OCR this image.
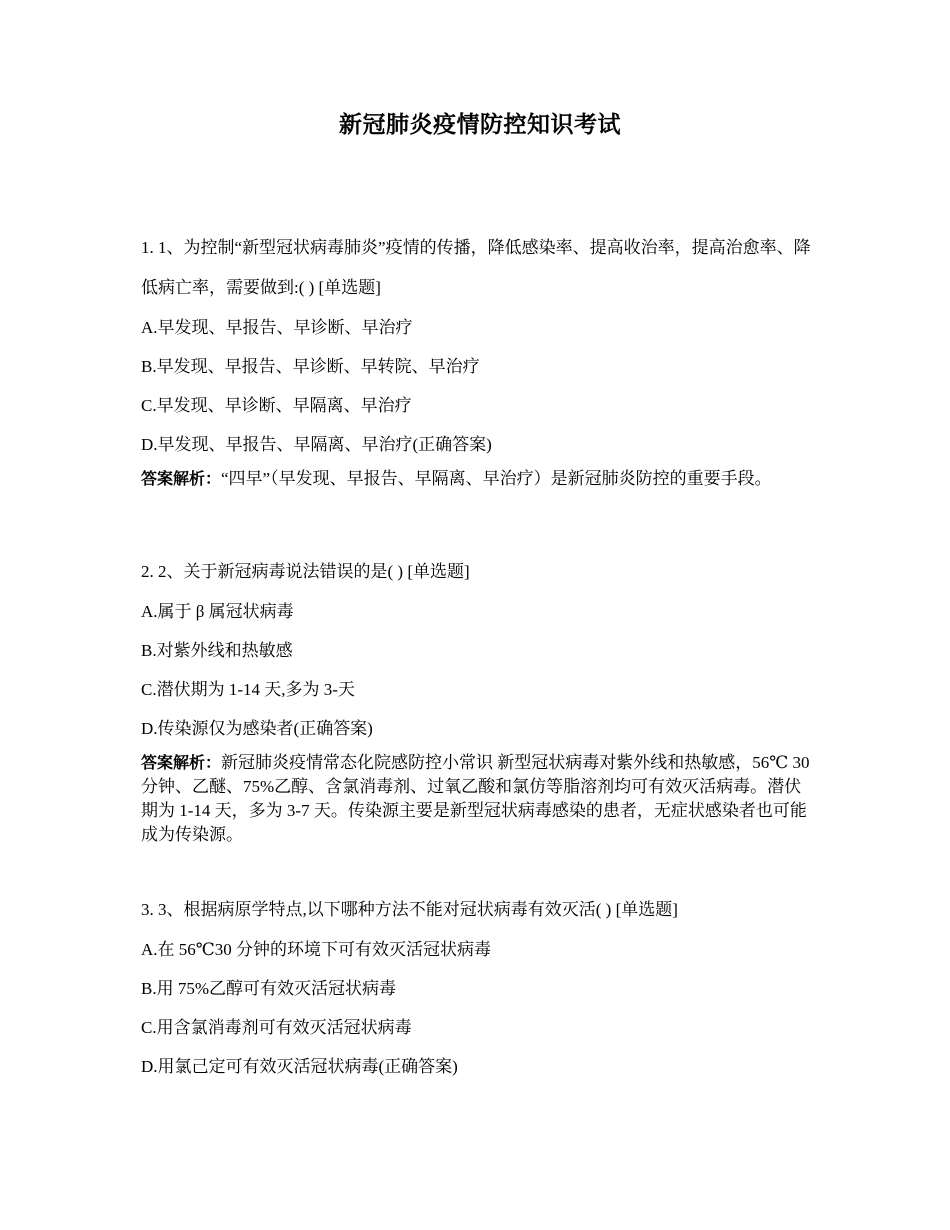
新冠肺炎疫情防控知识考试

1. 1、为控制“新型冠状病毒肺炎”疫情的传播，降低感染率、提高收治率，提高治愈率、降低病亡率，需要做到:( ) [单选题]

A.早发现、早报告、早诊断、早治疗

B.早发现、早报告、早诊断、早转院、早治疗

C.早发现、早诊断、早隔离、早治疗

D.早发现、早报告、早隔离、早治疗(正确答案)

答案解析：“四早”（早发现、早报告、早隔离、早治疗）是新冠肺炎防控的重要手段。

2. 2、关于新冠病毒说法错误的是( ) [单选题]

A.属于 β 属冠状病毒

B.对紫外线和热敏感

C.潜伏期为 1-14 天,多为 3-天

D.传染源仅为感染者(正确答案)

答案解析：新冠肺炎疫情常态化院感防控小常识 新型冠状病毒对紫外线和热敏感，56℃ 30 分钟、乙醚、75%乙醇、含氯消毒剂、过氧乙酸和氯仿等脂溶剂均可有效灭活病毒。潜伏期为 1-14 天，多为 3-7 天。传染源主要是新型冠状病毒感染的患者，无症状感染者也可能成为传染源。

3. 3、根据病原学特点,以下哪种方法不能对冠状病毒有效灭活( ) [单选题]

A.在 56℃30 分钟的环境下可有效灭活冠状病毒

B.用 75%乙醇可有效灭活冠状病毒

C.用含氯消毒剂可有效灭活冠状病毒

D.用氯己定可有效灭活冠状病毒(正确答案)
